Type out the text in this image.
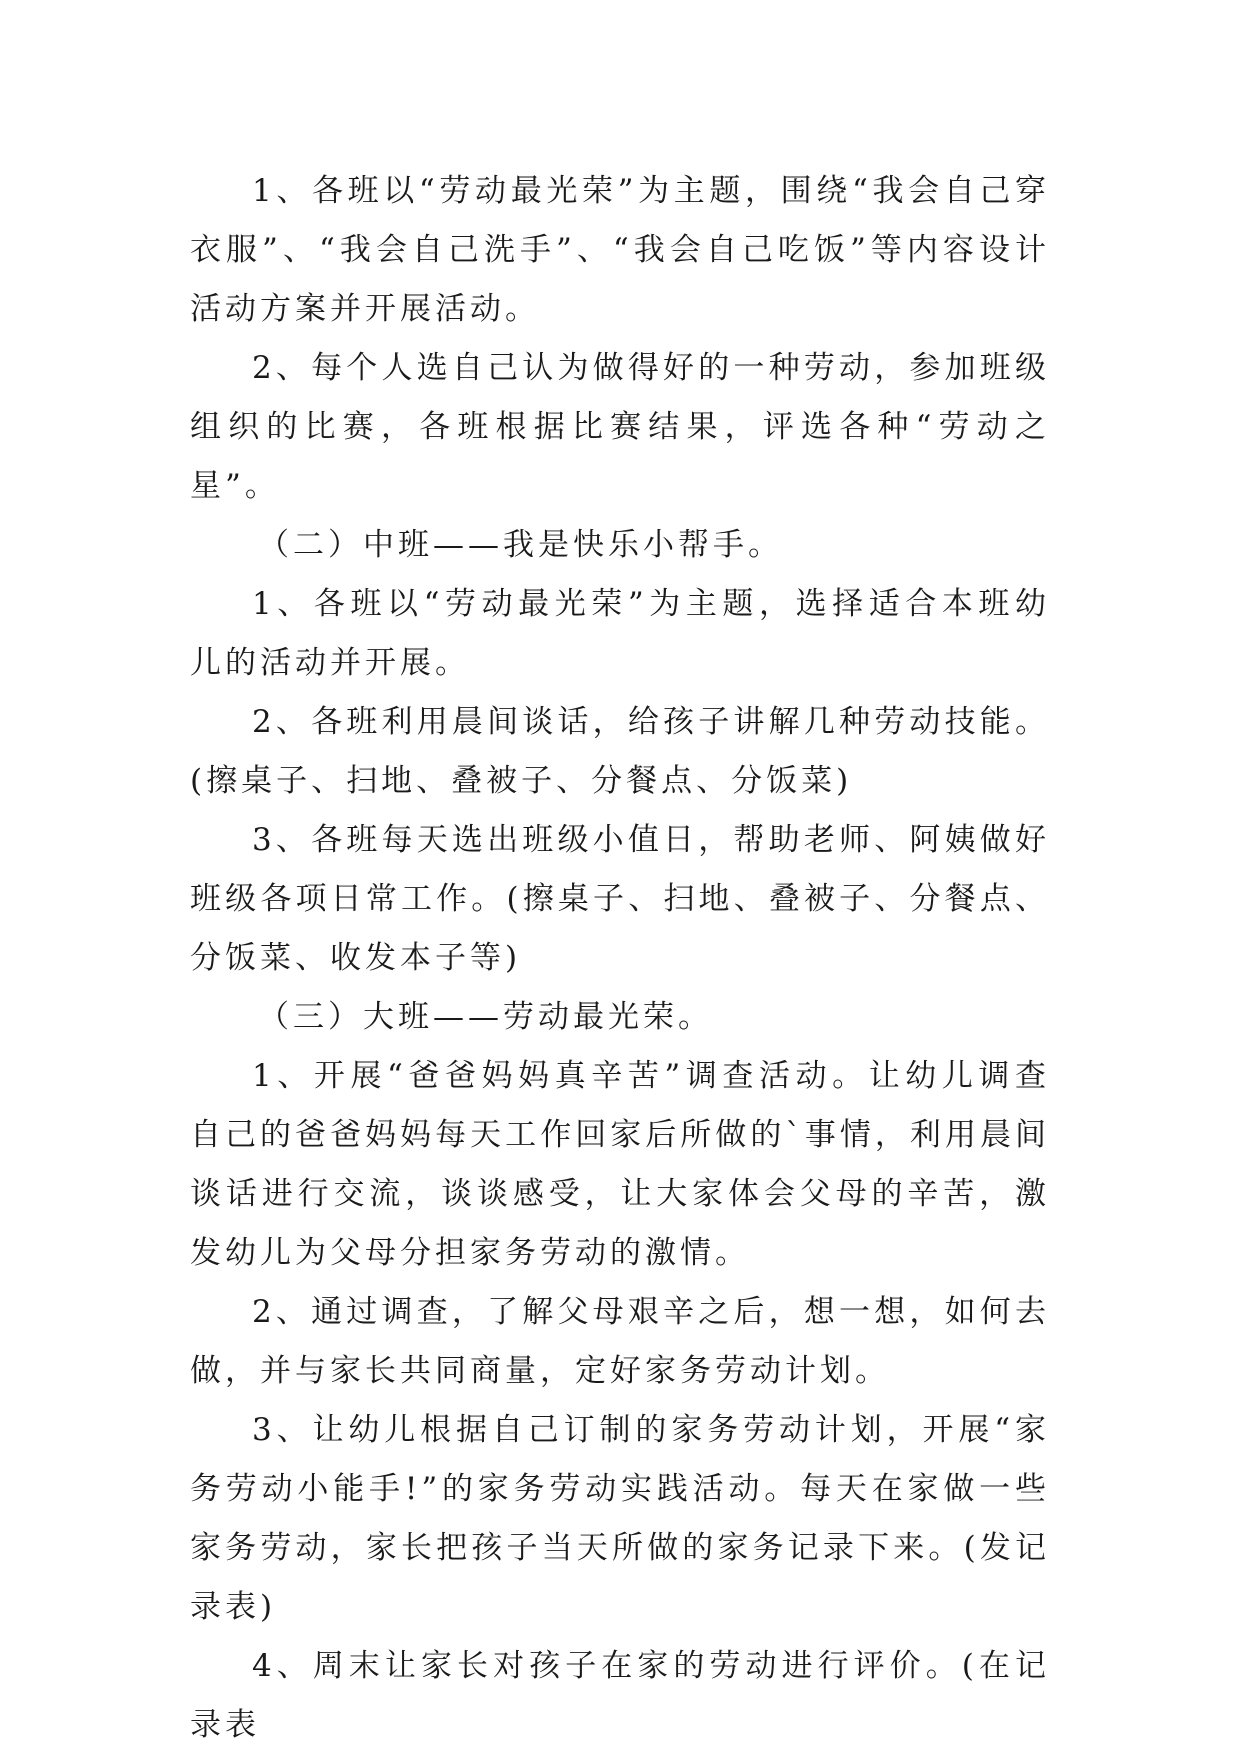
1、各班以“劳动最光荣”为主题，围绕“我会自己穿衣服”、“我会自己洗手”、“我会自己吃饭”等内容设计活动方案并开展活动。

2、每个人选自己认为做得好的一种劳动，参加班级组织的比赛，各班根据比赛结果，评选各种“劳动之星”。

（二）中班——我是快乐小帮手。

1、各班以“劳动最光荣”为主题，选择适合本班幼儿的活动并开展。

2、各班利用晨间谈话，给孩子讲解几种劳动技能。(擦桌子、扫地、叠被子、分餐点、分饭菜)

3、各班每天选出班级小值日，帮助老师、阿姨做好班级各项日常工作。(擦桌子、扫地、叠被子、分餐点、分饭菜、收发本子等)

（三）大班——劳动最光荣。

1、开展“爸爸妈妈真辛苦”调查活动。让幼儿调查自己的爸爸妈妈每天工作回家后所做的`事情，利用晨间谈话进行交流，谈谈感受，让大家体会父母的辛苦，激发幼儿为父母分担家务劳动的激情。

2、通过调查，了解父母艰辛之后，想一想，如何去做，并与家长共同商量，定好家务劳动计划。

3、让幼儿根据自己订制的家务劳动计划，开展“家务劳动小能手!”的家务劳动实践活动。每天在家做一些家务劳动，家长把孩子当天所做的家务记录下来。(发记录表)

4、周末让家长对孩子在家的劳动进行评价。(在记录表
